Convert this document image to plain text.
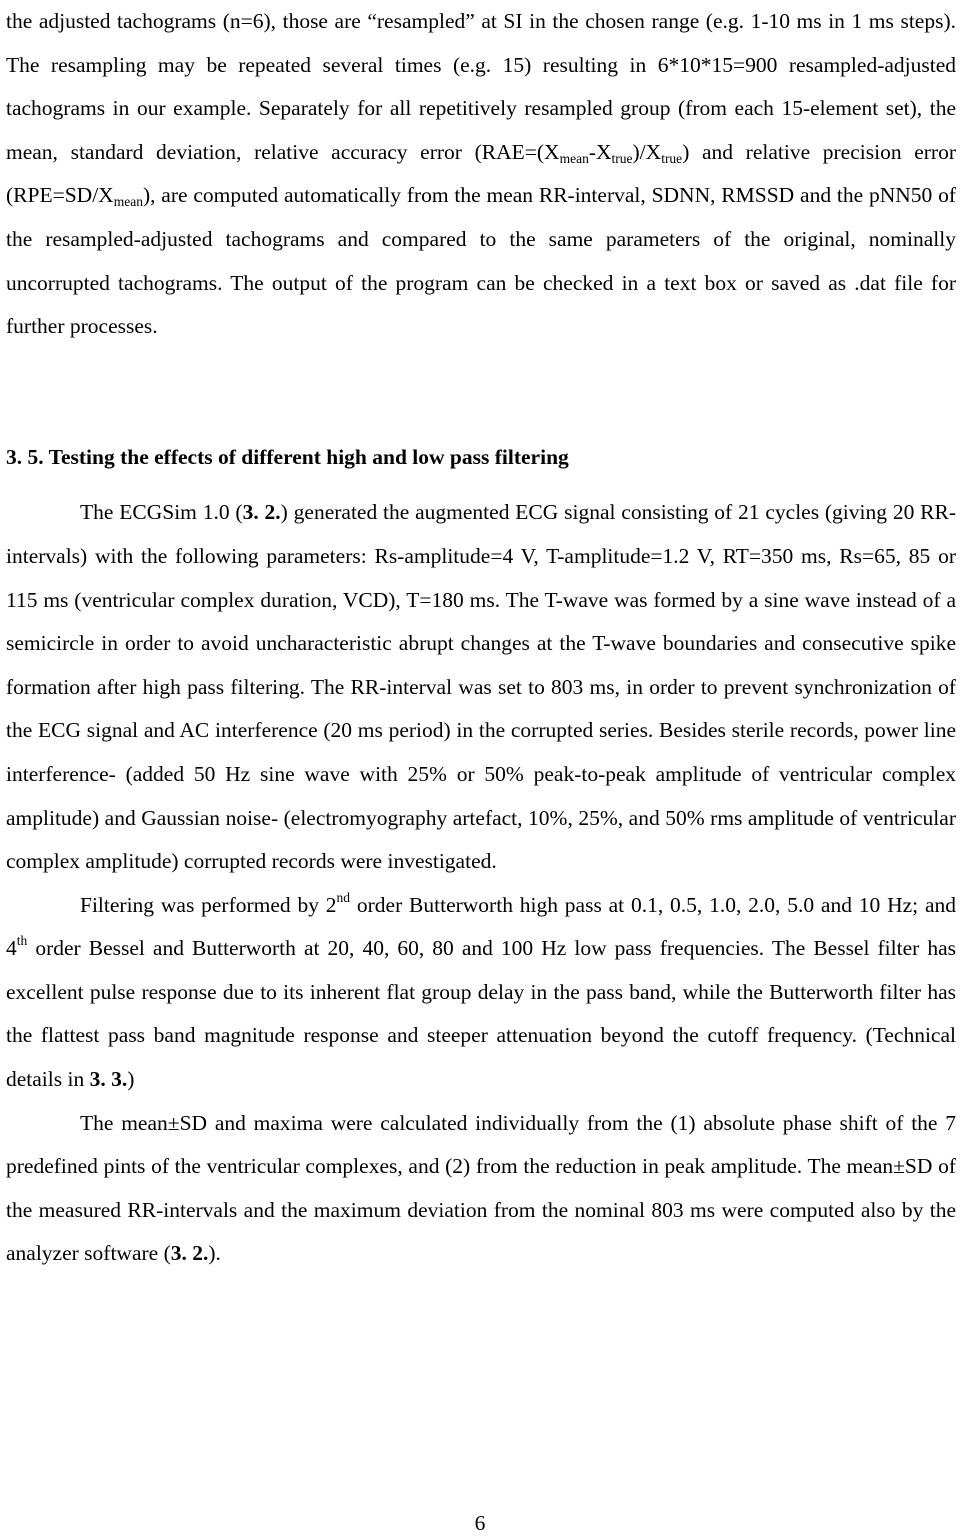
the adjusted tachograms (n=6), those are “resampled” at SI in the chosen range (e.g. 1-10 ms in 1 ms steps). The resampling may be repeated several times (e.g. 15) resulting in 6*10*15=900 resampled-adjusted tachograms in our example. Separately for all repetitively resampled group (from each 15-element set), the mean, standard deviation, relative accuracy error $(RAE=(X_{mean}-X_{true})/X_{true})$ and relative precision error $(RPE=SD/X_{mean})$, are computed automatically from the mean RR-interval, SDNN, RMSSD and the pNN50 of the resampled-adjusted tachograms and compared to the same parameters of the original, nominally uncorrupted tachograms. The output of the program can be checked in a text box or saved as .dat file for further processes.

3. 5. Testing the effects of different high and low pass filtering

The ECGSim 1.0 (3. 2.) generated the augmented ECG signal consisting of 21 cycles (giving 20 RR-intervals) with the following parameters: Rs-amplitude=4 V, T-amplitude=1.2 V, RT=350 ms, Rs=65, 85 or 115 ms (ventricular complex duration, VCD), T=180 ms. The T-wave was formed by a sine wave instead of a semicircle in order to avoid uncharacteristic abrupt changes at the T-wave boundaries and consecutive spike formation after high pass filtering. The RR-interval was set to 803 ms, in order to prevent synchronization of the ECG signal and AC interference (20 ms period) in the corrupted series. Besides sterile records, power line interference- (added 50 Hz sine wave with 25% or 50% peak-to-peak amplitude of ventricular complex amplitude) and Gaussian noise- (electromyography artefact, 10%, 25%, and 50% rms amplitude of ventricular complex amplitude) corrupted records were investigated.

Filtering was performed by 2nd order Butterworth high pass at 0.1, 0.5, 1.0, 2.0, 5.0 and 10 Hz; and 4th order Bessel and Butterworth at 20, 40, 60, 80 and 100 Hz low pass frequencies. The Bessel filter has excellent pulse response due to its inherent flat group delay in the pass band, while the Butterworth filter has the flattest pass band magnitude response and steeper attenuation beyond the cutoff frequency. (Technical details in 3. 3.)

The mean±SD and maxima were calculated individually from the (1) absolute phase shift of the 7 predefined pints of the ventricular complexes, and (2) from the reduction in peak amplitude. The mean±SD of the measured RR-intervals and the maximum deviation from the nominal 803 ms were computed also by the analyzer software (3. 2.).

6
